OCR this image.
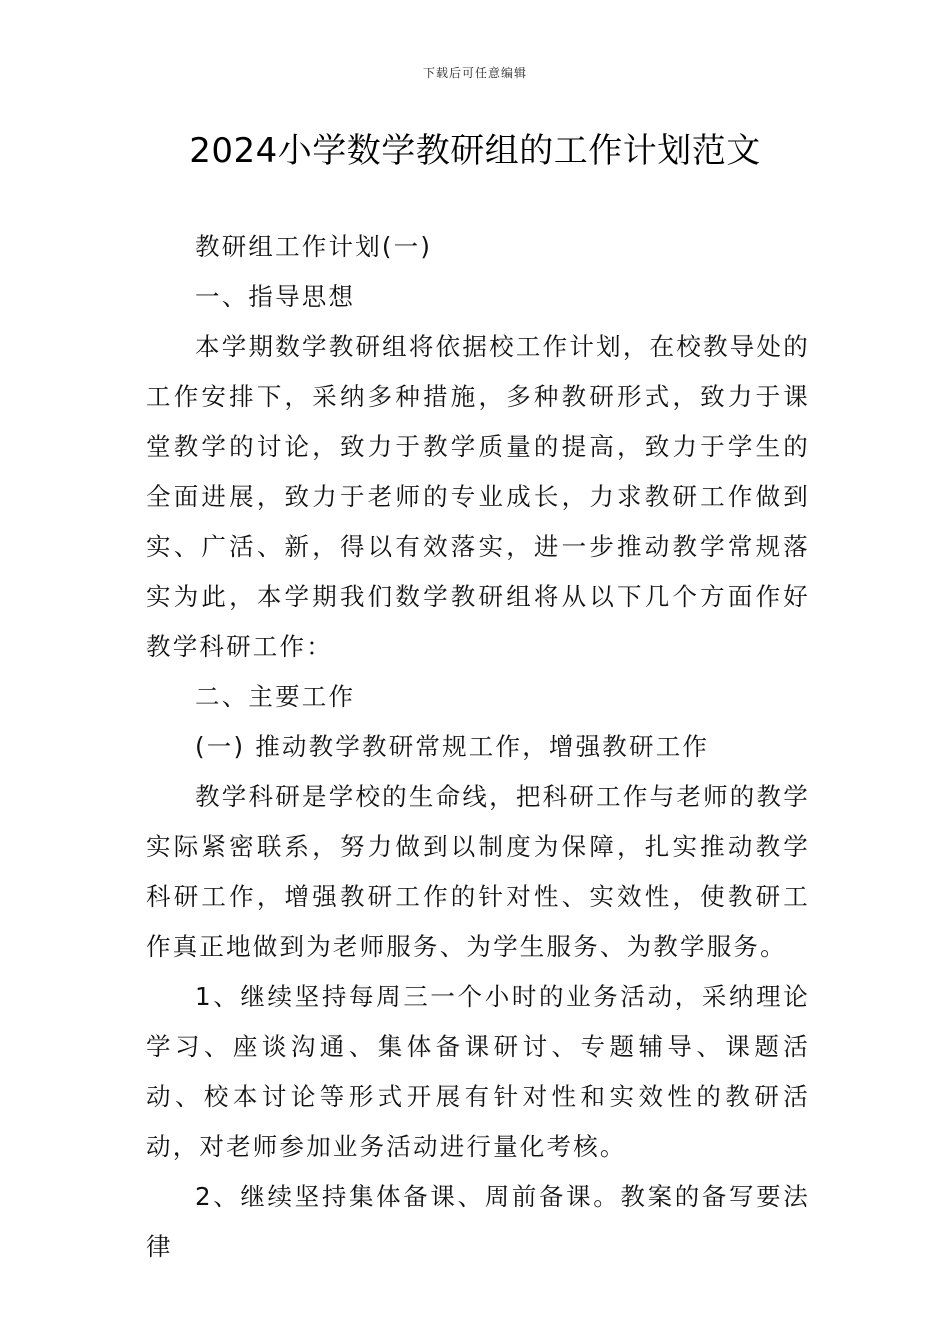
下载后可任意编辑
2024小学数学教研组的工作计划范文

教研组工作计划(一)

一、指导思想

本学期数学教研组将依据校工作计划，在校教导处的工作安排下，采纳多种措施，多种教研形式，致力于课堂教学的讨论，致力于教学质量的提高，致力于学生的全面进展，致力于老师的专业成长，力求教研工作做到实、广活、新，得以有效落实，进一步推动教学常规落实为此，本学期我们数学教研组将从以下几个方面作好教学科研工作：

二、主要工作

(一) 推动教学教研常规工作，增强教研工作

教学科研是学校的生命线，把科研工作与老师的教学实际紧密联系，努力做到以制度为保障，扎实推动教学科研工作，增强教研工作的针对性、实效性，使教研工作真正地做到为老师服务、为学生服务、为教学服务。

1、继续坚持每周三一个小时的业务活动，采纳理论学习、座谈沟通、集体备课研讨、专题辅导、课题活动、校本讨论等形式开展有针对性和实效性的教研活动，对老师参加业务活动进行量化考核。

2、继续坚持集体备课、周前备课。教案的备写要法律
